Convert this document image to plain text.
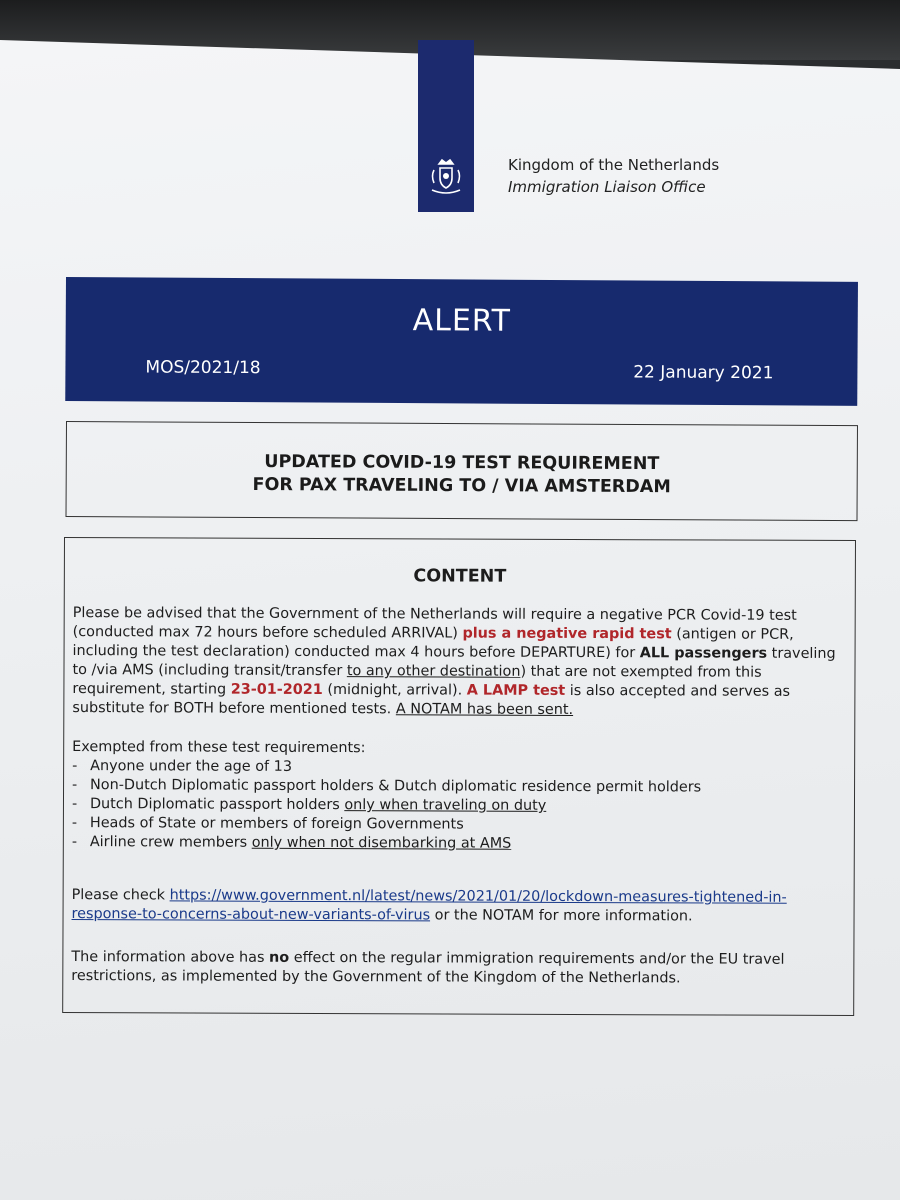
Kingdom of the Netherlands
Immigration Liaison Office
ALERT
MOS/2021/18	22 January 2021
UPDATED COVID-19 TEST REQUIREMENT
FOR PAX TRAVELING TO / VIA AMSTERDAM
CONTENT
Please be advised that the Government of the Netherlands will require a negative PCR Covid-19 test (conducted max 72 hours before scheduled ARRIVAL) plus a negative rapid test (antigen or PCR, including the test declaration) conducted max 4 hours before DEPARTURE) for ALL passengers traveling to /via AMS (including transit/transfer to any other destination) that are not exempted from this requirement, starting 23-01-2021 (midnight, arrival). A LAMP test is also accepted and serves as substitute for BOTH before mentioned tests. A NOTAM has been sent.
Exempted from these test requirements:
- Anyone under the age of 13
- Non-Dutch Diplomatic passport holders & Dutch diplomatic residence permit holders
- Dutch Diplomatic passport holders only when traveling on duty
- Heads of State or members of foreign Governments
- Airline crew members only when not disembarking at AMS
Please check https://www.government.nl/latest/news/2021/01/20/lockdown-measures-tightened-in-response-to-concerns-about-new-variants-of-virus or the NOTAM for more information.
The information above has no effect on the regular immigration requirements and/or the EU travel restrictions, as implemented by the Government of the Kingdom of the Netherlands.
